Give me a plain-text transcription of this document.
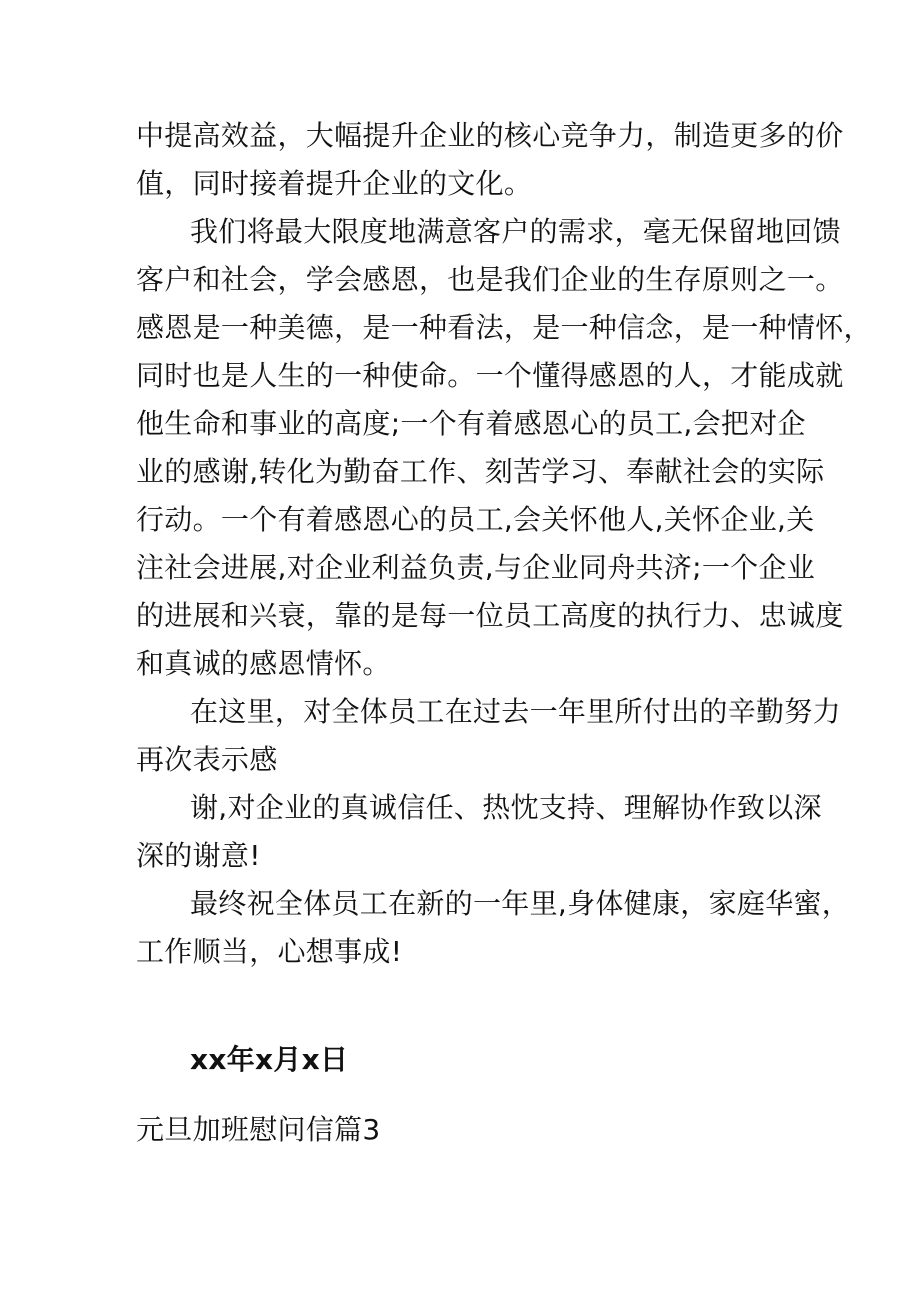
中提高效益，大幅提升企业的核心竞争力，制造更多的价
值，同时接着提升企业的文化。
我们将最大限度地满意客户的需求，毫无保留地回馈
客户和社会，学会感恩，也是我们企业的生存原则之一。
感恩是一种美德，是一种看法，是一种信念，是一种情怀，
同时也是人生的一种使命。一个懂得感恩的人，才能成就
他生命和事业的高度;一个有着感恩心的员工,会把对企
业的感谢,转化为勤奋工作、刻苦学习、奉献社会的实际
行动。一个有着感恩心的员工,会关怀他人,关怀企业,关
注社会进展,对企业利益负责,与企业同舟共济;一个企业
的进展和兴衰，靠的是每一位员工高度的执行力、忠诚度
和真诚的感恩情怀。
在这里，对全体员工在过去一年里所付出的辛勤努力
再次表示感
谢,对企业的真诚信任、热忱支持、理解协作致以深
深的谢意!
最终祝全体员工在新的一年里,身体健康，家庭华蜜，
工作顺当，心想事成!
xx年x月x日
元旦加班慰问信篇3
